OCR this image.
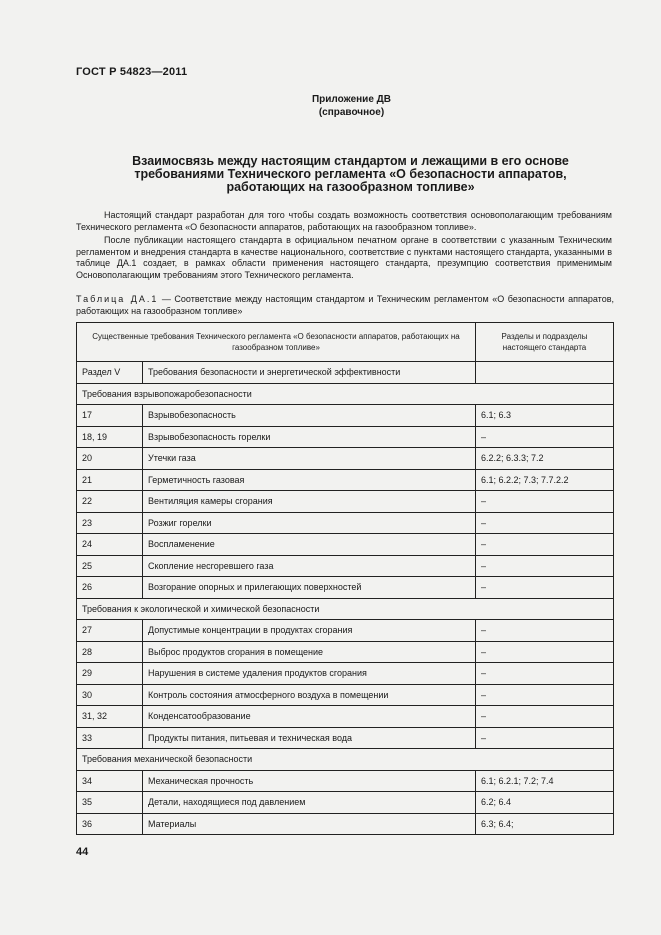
ГОСТ Р 54823—2011
Приложение ДВ
(справочное)
Взаимосвязь между настоящим стандартом и лежащими в его основе
требованиями Технического регламента «О безопасности аппаратов,
работающих на газообразном топливе»
Настоящий стандарт разработан для того чтобы создать возможность соответствия основополагающим требованиям Технического регламента «О безопасности аппаратов, работающих на газообразном топливе».
После публикации настоящего стандарта в официальном печатном органе в соответствии с указанным Техническим регламентом и внедрения стандарта в качестве национального, соответствие с пунктами настоящего стандарта, указанными в таблице ДА.1 создает, в рамках области применения настоящего стандарта, презумпцию соответствия применимым Основополагающим требованиям этого Технического регламента.
Таблица ДА.1 — Соответствие между настоящим стандартом и Техническим регламентом «О безопасности аппаратов, работающих на газообразном топливе»
Существенные требования Технического регламента «О безопасности аппаратов, работающих на газообразном топливе»		Разделы и подразделы настоящего стандарта
Раздел V	Требования безопасности и энергетической эффективности	
Требования взрывопожаробезопасности		
17	Взрывобезопасность	6.1; 6.3
18, 19	Взрывобезопасность горелки	–
20	Утечки газа	6.2.2; 6.3.3; 7.2
21	Герметичность газовая	6.1; 6.2.2; 7.3; 7.7.2.2
22	Вентиляция камеры сгорания	–
23	Розжиг горелки	–
24	Воспламенение	–
25	Скопление несгоревшего газа	–
26	Возгорание опорных и прилегающих поверхностей	–
Требования к экологической и химической безопасности		
27	Допустимые концентрации в продуктах сгорания	–
28	Выброс продуктов сгорания в помещение	–
29	Нарушения в системе удаления продуктов сгорания	–
30	Контроль состояния атмосферного воздуха в помещении	–
31, 32	Конденсатообразование	–
33	Продукты питания, питьевая и техническая вода	–
Требования механической безопасности		
34	Механическая прочность	6.1; 6.2.1; 7.2; 7.4
35	Детали, находящиеся под давлением	6.2; 6.4
36	Материалы	6.3; 6.4;
44
